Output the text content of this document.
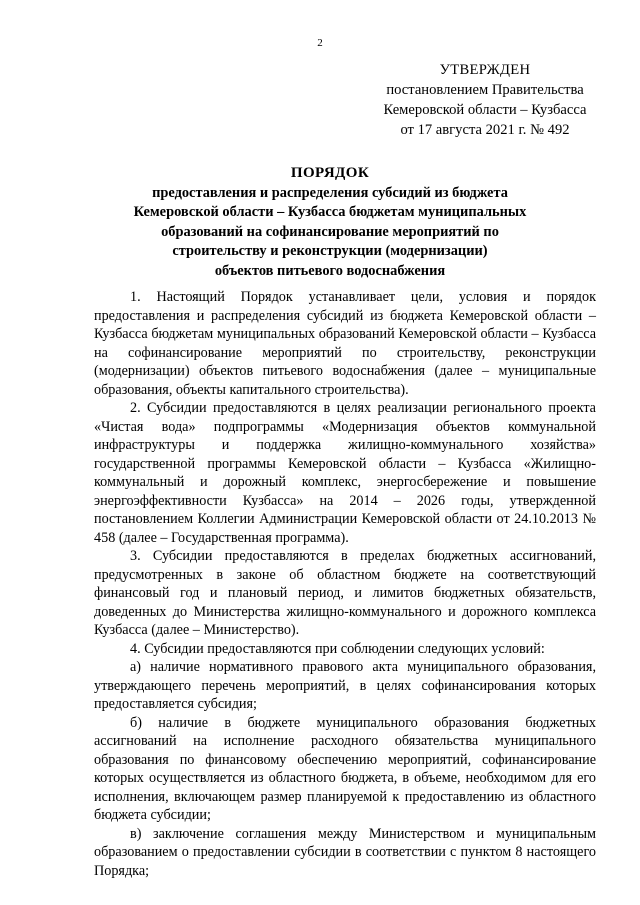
2
УТВЕРЖДЕН
постановлением Правительства
Кемеровской области – Кузбасса
от 17 августа 2021 г. № 492
ПОРЯДОК
предоставления и распределения субсидий из бюджета
Кемеровской области – Кузбасса бюджетам муниципальных
образований на софинансирование мероприятий по
строительству и реконструкции (модернизации)
объектов питьевого водоснабжения

1. Настоящий Порядок устанавливает цели, условия и порядок предоставления и распределения субсидий из бюджета Кемеровской области – Кузбасса бюджетам муниципальных образований Кемеровской области – Кузбасса на софинансирование мероприятий по строительству, реконструкции (модернизации) объектов питьевого водоснабжения (далее – муниципальные образования, объекты капитального строительства).

2. Субсидии предоставляются в целях реализации регионального проекта «Чистая вода» подпрограммы «Модернизация объектов коммунальной инфраструктуры и поддержка жилищно-коммунального хозяйства» государственной программы Кемеровской области – Кузбасса «Жилищно-коммунальный и дорожный комплекс, энергосбережение и повышение энергоэффективности Кузбасса» на 2014 – 2026 годы, утвержденной постановлением Коллегии Администрации Кемеровской области от 24.10.2013 № 458 (далее – Государственная программа).

3. Субсидии предоставляются в пределах бюджетных ассигнований, предусмотренных в законе об областном бюджете на соответствующий финансовый год и плановый период, и лимитов бюджетных обязательств, доведенных до Министерства жилищно-коммунального и дорожного комплекса Кузбасса (далее – Министерство).

4. Субсидии предоставляются при соблюдении следующих условий:

а) наличие нормативного правового акта муниципального образования, утверждающего перечень мероприятий, в целях софинансирования которых предоставляется субсидия;

б) наличие в бюджете муниципального образования бюджетных ассигнований на исполнение расходного обязательства муниципального образования по финансовому обеспечению мероприятий, софинансирование которых осуществляется из областного бюджета, в объеме, необходимом для его исполнения, включающем размер планируемой к предоставлению из областного бюджета субсидии;

в) заключение соглашения между Министерством и муниципальным образованием о предоставлении субсидии в соответствии с пунктом 8 настоящего Порядка;
